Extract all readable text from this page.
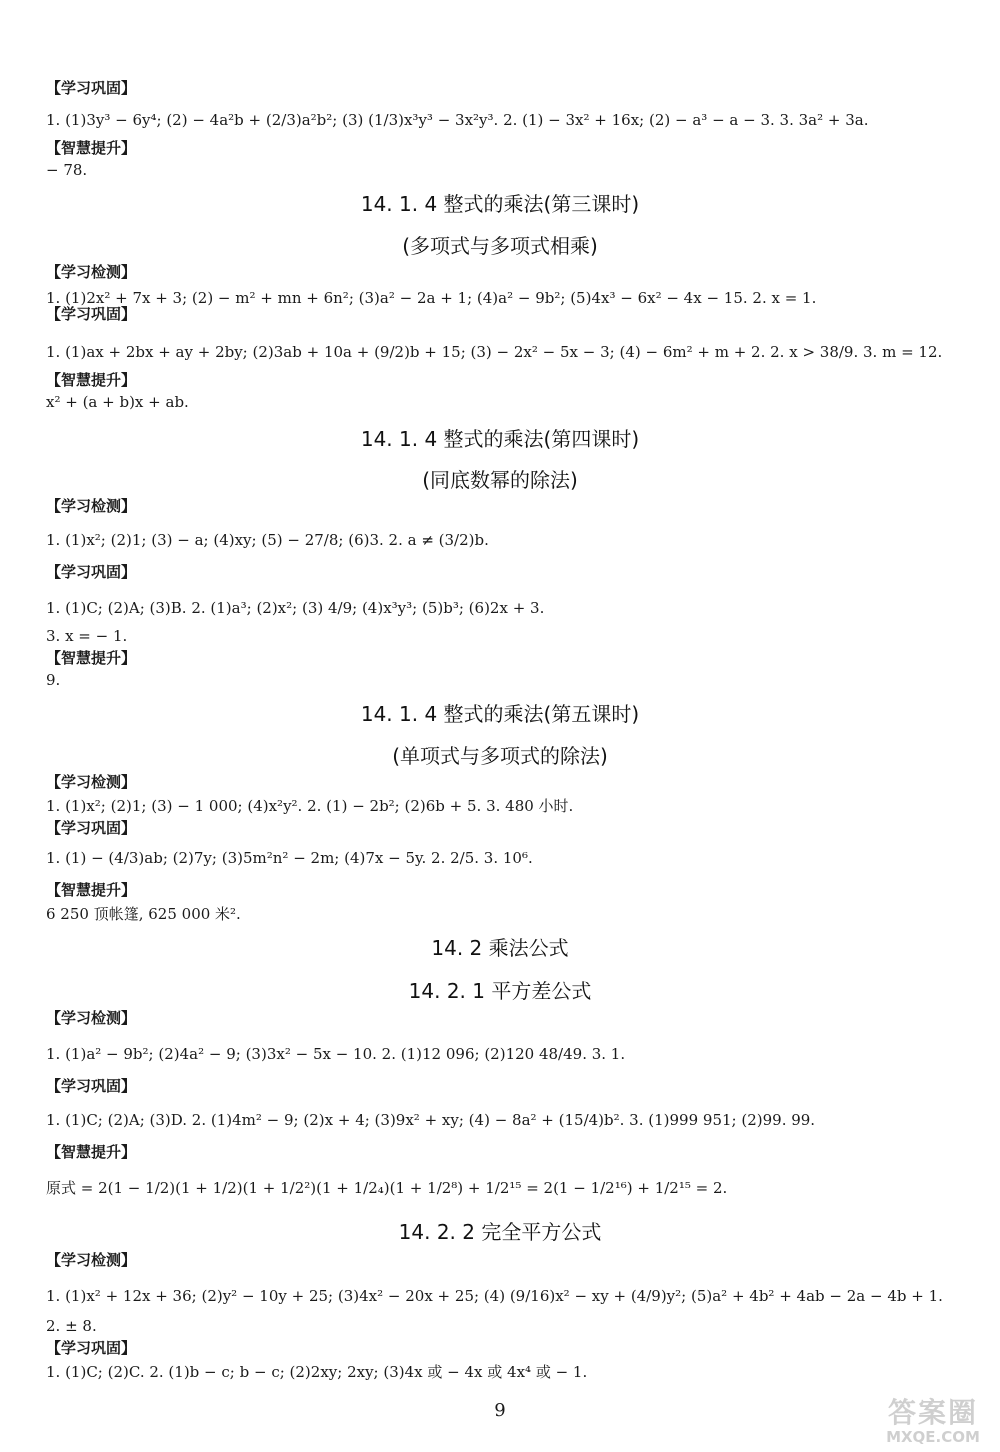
【学习巩固】
1. (1)3y³ − 6y⁴; (2) − 4a²b + (2/3)a²b²; (3) (1/3)x³y³ − 3x²y³. 2. (1) − 3x² + 16x; (2) − a³ − a − 3. 3. 3a² + 3a.
【智慧提升】
− 78.
14. 1. 4 整式的乘法(第三课时)
(多项式与多项式相乘)
【学习检测】
1. (1)2x² + 7x + 3; (2) − m² + mn + 6n²; (3)a² − 2a + 1; (4)a² − 9b²; (5)4x³ − 6x² − 4x − 15. 2. x = 1.
【学习巩固】
1. (1)ax + 2bx + ay + 2by; (2)3ab + 10a + (9/2)b + 15; (3) − 2x² − 5x − 3; (4) − 6m² + m + 2. 2. x > 38/9. 3. m = 12.
【智慧提升】
x² + (a + b)x + ab.
14. 1. 4 整式的乘法(第四课时)
(同底数幂的除法)
【学习检测】
1. (1)x²; (2)1; (3) − a; (4)xy; (5) − 27/8; (6)3. 2. a ≠ (3/2)b.
【学习巩固】
1. (1)C; (2)A; (3)B. 2. (1)a³; (2)x²; (3) 4/9; (4)x³y³; (5)b³; (6)2x + 3.
3. x = − 1.
【智慧提升】
9.
14. 1. 4 整式的乘法(第五课时)
(单项式与多项式的除法)
【学习检测】
1. (1)x²; (2)1; (3) − 1 000; (4)x²y². 2. (1) − 2b²; (2)6b + 5. 3. 480 小时.
【学习巩固】
1. (1) − (4/3)ab; (2)7y; (3)5m²n² − 2m; (4)7x − 5y. 2. 2/5. 3. 10⁶.
【智慧提升】
6 250 顶帐篷, 625 000 米².
14. 2 乘法公式
14. 2. 1 平方差公式
【学习检测】
1. (1)a² − 9b²; (2)4a² − 9; (3)3x² − 5x − 10. 2. (1)12 096; (2)120 48/49. 3. 1.
【学习巩固】
1. (1)C; (2)A; (3)D. 2. (1)4m² − 9; (2)x + 4; (3)9x² + xy; (4) − 8a² + (15/4)b². 3. (1)999 951; (2)99. 99.
【智慧提升】
原式 = 2(1 − 1/2)(1 + 1/2)(1 + 1/2²)(1 + 1/2₄)(1 + 1/2⁸) + 1/2¹⁵ = 2(1 − 1/2¹⁶) + 1/2¹⁵ = 2.
14. 2. 2 完全平方公式
【学习检测】
1. (1)x² + 12x + 36; (2)y² − 10y + 25; (3)4x² − 20x + 25; (4) (9/16)x² − xy + (4/9)y²; (5)a² + 4b² + 4ab − 2a − 4b + 1.
2. ± 8.
【学习巩固】
1. (1)C; (2)C. 2. (1)b − c; b − c; (2)2xy; 2xy; (3)4x 或 − 4x 或 4x⁴ 或 − 1.
9	答案圈
MXQE.COM
